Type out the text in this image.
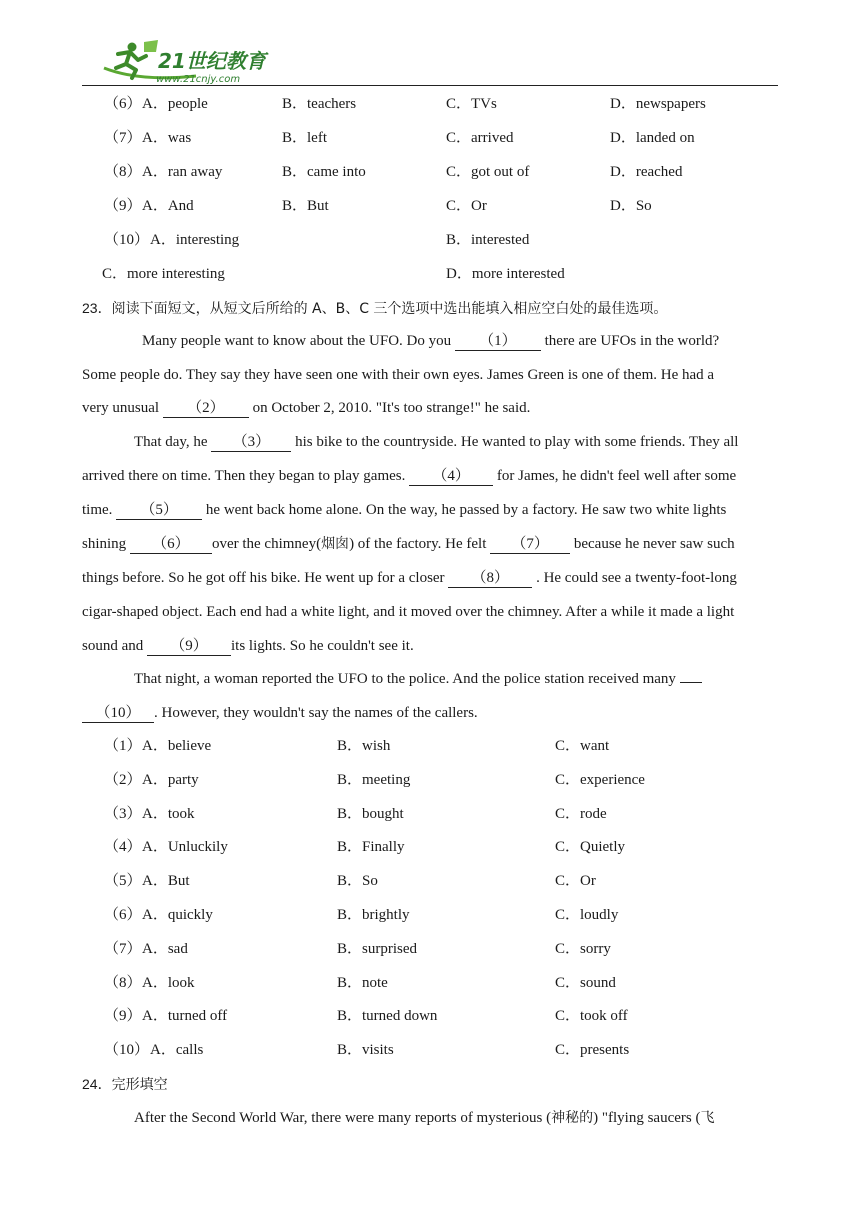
21世纪教育
www.21cnjy.com
（6） A．people	B．teachers	C．TVs	D．newspapers
（7） A．was	B．left	C．arrived	D．landed on
（8） A．ran away	B．came into	C．got out of	D．reached
（9） A．And	B．But	C．Or	D．So
（10） A．interesting	B．interested
C．more interesting	D．more interested
23．阅读下面短文，从短文后所给的 A、B、C 三个选项中选出能填入相应空白处的最佳选项。
Many people want to know about the UFO. Do you （1） there are UFOs in the world?
Some people do. They say they have seen one with their own eyes. James Green is one of them. He had a
very unusual （2） on October 2, 2010. "It's too strange!" he said.
That day, he （3） his bike to the countryside. He wanted to play with some friends. They all
arrived there on time. Then they began to play games. （4） for James, he didn't feel well after some
time. （5） he went back home alone. On the way, he passed by a factory. He saw two white lights
shining （6） over the chimney(烟囱) of the factory. He felt （7） because he never saw such
things before. So he got off his bike. He went up for a closer （8） . He could see a twenty-foot-long
cigar-shaped object. Each end had a white light, and it moved over the chimney. After a while it made a light
sound and （9） its lights. So he couldn't see it.
That night, a woman reported the UFO to the police. And the police station received many
（10） . However, they wouldn't say the names of the callers.
（1） A．believe	B．wish	C．want
（2） A．party	B．meeting	C．experience
（3） A．took	B．bought	C．rode
（4） A．Unluckily	B．Finally	C．Quietly
（5） A．But	B．So	C．Or
（6） A．quickly	B．brightly	C．loudly
（7） A．sad	B．surprised	C．sorry
（8） A．look	B．note	C．sound
（9） A．turned off	B．turned down	C．took off
（10） A．calls	B．visits	C．presents
24．完形填空
After the Second World War, there were many reports of mysterious (神秘的) "flying saucers (飞
